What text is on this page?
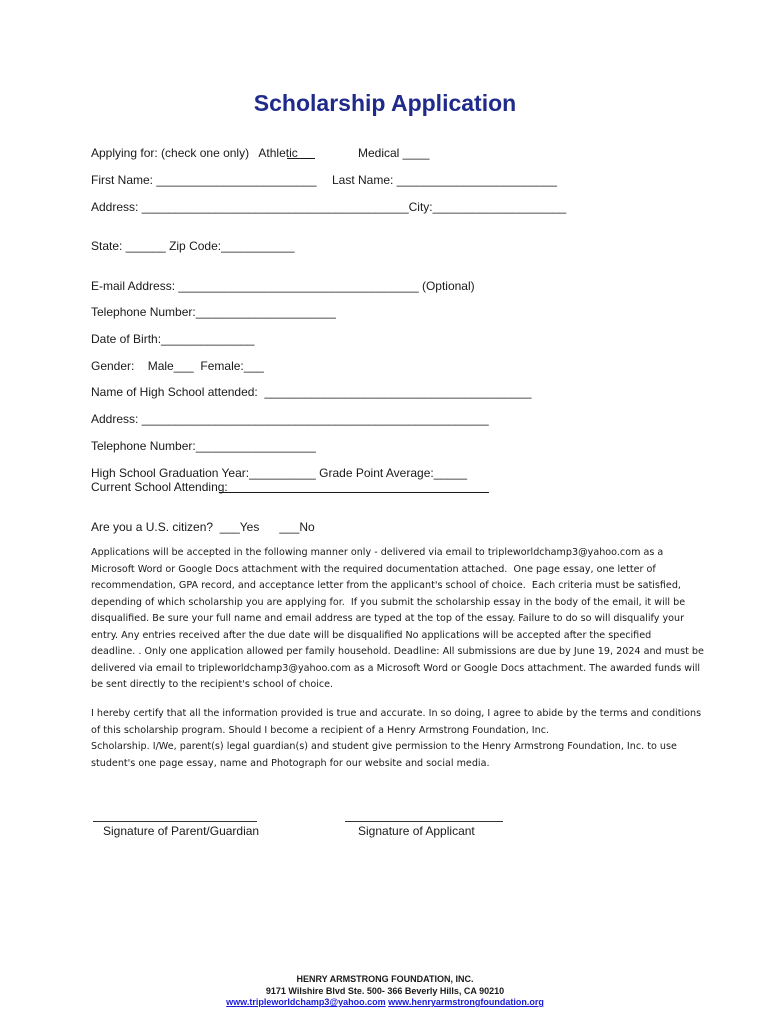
Scholarship Application
Applying for: (check one only)   Athletic	Medical ____
First Name: ________________________ Last Name: ________________________
Address: ________________________________________City:____________________
State: ______ Zip Code:___________
E-mail Address: ____________________________________ (Optional)
Telephone Number:_____________________
Date of Birth:______________
Gender:    Male___  Female:___
Name of High School attended:  ________________________________________
Address: ____________________________________________________
Telephone Number:__________________
High School Graduation Year:__________ Grade Point Average:_____
Current School Attending:
Are you a U.S. citizen?  ___Yes      ___No
Applications will be accepted in the following manner only - delivered via email to tripleworldchamp3@yahoo.com as a
Microsoft Word or Google Docs attachment with the required documentation attached.  One page essay, one letter of
recommendation, GPA record, and acceptance letter from the applicant's school of choice.  Each criteria must be satisfied,
depending of which scholarship you are applying for.  If you submit the scholarship essay in the body of the email, it will be
disqualified. Be sure your full name and email address are typed at the top of the essay. Failure to do so will disqualify your
entry. Any entries received after the due date will be disqualified No applications will be accepted after the specified
deadline. . Only one application allowed per family household. Deadline: All submissions are due by June 19, 2024 and must be
delivered via email to tripleworldchamp3@yahoo.com as a Microsoft Word or Google Docs attachment. The awarded funds will
be sent directly to the recipient's school of choice.
I hereby certify that all the information provided is true and accurate. In so doing, I agree to abide by the terms and conditions
of this scholarship program. Should I become a recipient of a Henry Armstrong Foundation, Inc.
Scholarship. I/We, parent(s) legal guardian(s) and student give permission to the Henry Armstrong Foundation, Inc. to use
student's one page essay, name and Photograph for our website and social media.
Signature of Parent/Guardian	Signature of Applicant
HENRY ARMSTRONG FOUNDATION, INC.
9171 Wilshire Blvd Ste. 500- 366 Beverly Hills, CA 90210
www.tripleworldchamp3@yahoo.com www.henryarmstrongfoundation.org
